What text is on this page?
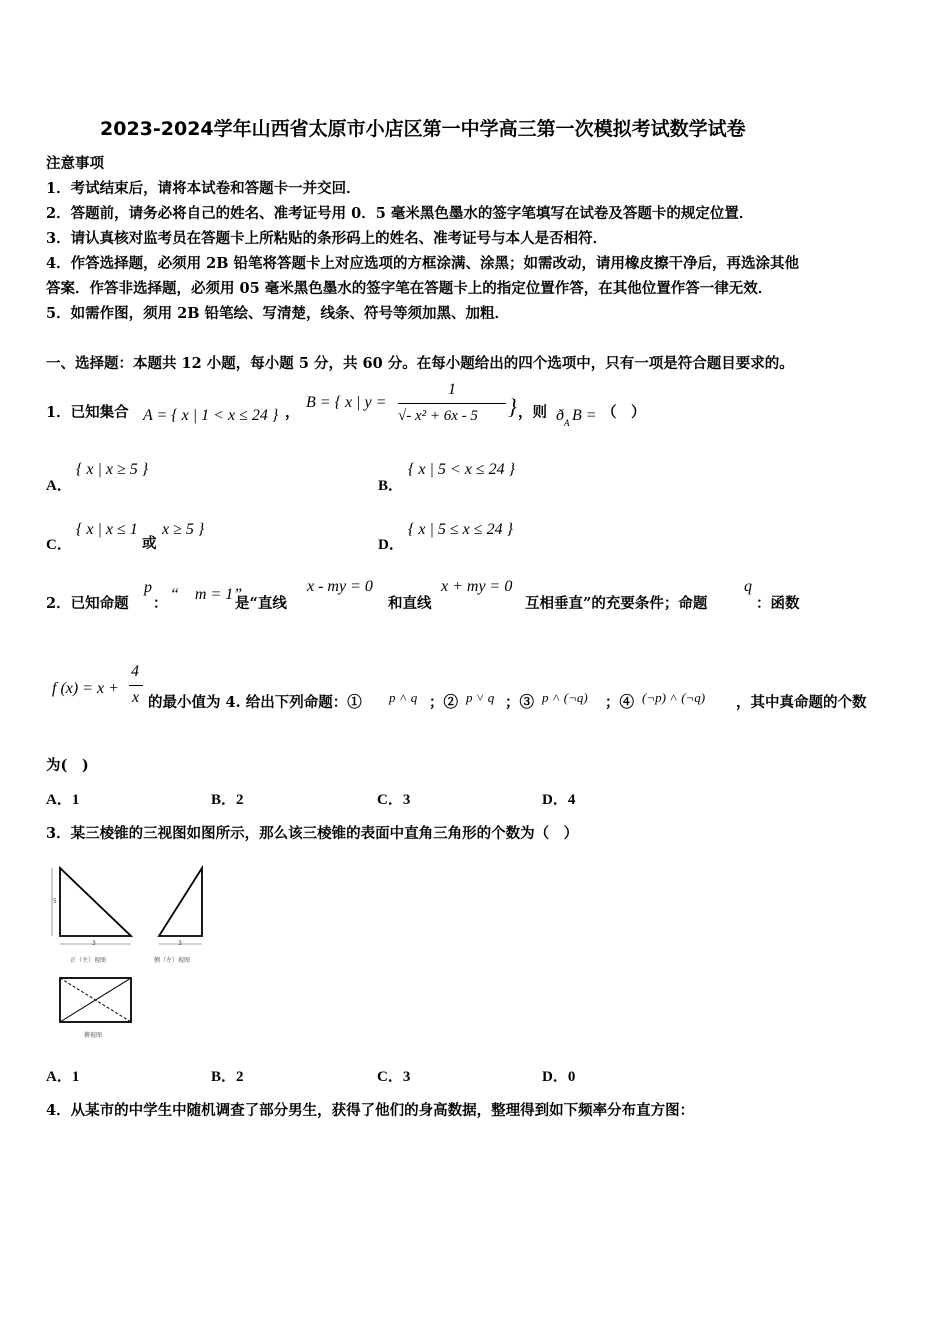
2023-2024学年山西省太原市小店区第一中学高三第一次模拟考试数学试卷
注意事项
1．考试结束后，请将本试卷和答题卡一并交回．
2．答题前，请务必将自己的姓名、准考证号用 0．5 毫米黑色墨水的签字笔填写在试卷及答题卡的规定位置．
3．请认真核对监考员在答题卡上所粘贴的条形码上的姓名、准考证号与本人是否相符．
4．作答选择题，必须用 2B 铅笔将答题卡上对应选项的方框涂满、涂黑；如需改动，请用橡皮擦干净后，再选涂其他
答案．作答非选择题，必须用 05 毫米黑色墨水的签字笔在答题卡上的指定位置作答，在其他位置作答一律无效．
5．如需作图，须用 2B 铅笔绘、写清楚，线条、符号等须加黑、加粗．
一、选择题：本题共 12 小题，每小题 5 分，共 60 分。在每小题给出的四个选项中，只有一项是符合题目要求的。
1．已知集合 A = { x | 1 < x ≤ 24 } ，
B = { x | y =
1
√- x² + 6x - 5 } ，则 ð A B = （　）
A．
{ x | x ≥ 5 }
B．
{ x | 5 < x ≤ 24 }
C．
{ x | x ≤ 1
或
x ≥ 5 }
D．
{ x | 5 ≤ x ≤ 24 }
2．已知命题
p
：
“　m = 1”
是“直线
x - my = 0
和直线
x + my = 0
互相垂直”的充要条件；命题
q
：函数
f (x) = x +
4
x 的最小值为 4. 给出下列命题：① p ˄ q ；② p ˅ q ；③ p ˄ (¬q) ；④ (¬p) ˄ (¬q) ，其中真命题的个数
为(　)
A．1	B．2	C．3	D．4
3．某三棱锥的三视图如图所示，那么该三棱锥的表面中直角三角形的个数为（　）
5
3	3
正（主）视图	侧（左）视图
俯视图
A．1	B．2	C．3	D．0
4．从某市的中学生中随机调查了部分男生，获得了他们的身高数据，整理得到如下频率分布直方图：
